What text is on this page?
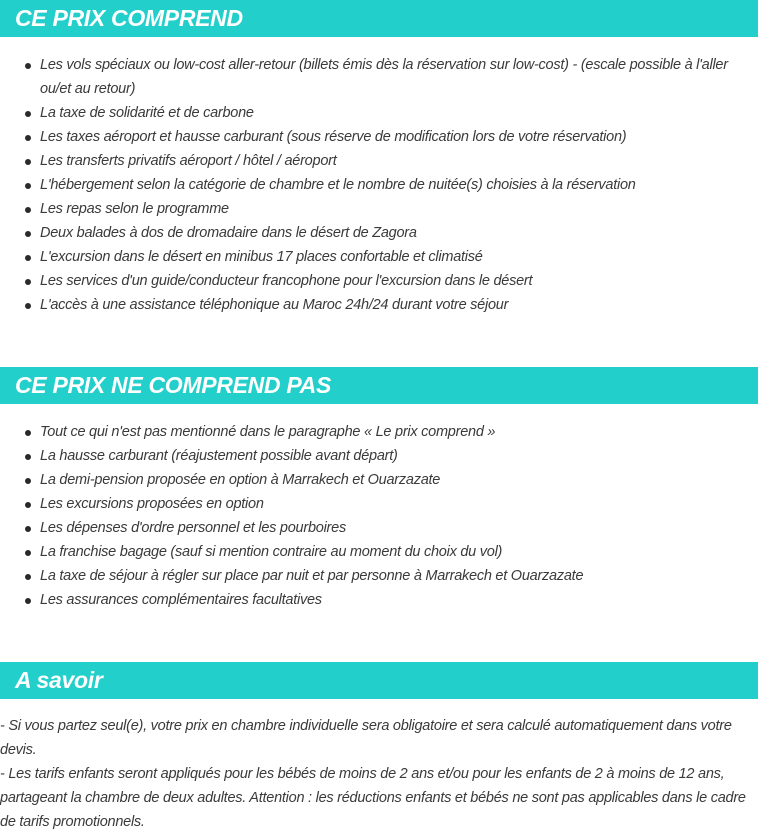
CE PRIX COMPREND
Les vols spéciaux ou low-cost aller-retour (billets émis dès la réservation sur low-cost) - (escale possible à l'aller ou/et au retour)
La taxe de solidarité et de carbone
Les taxes aéroport et hausse carburant (sous réserve de modification lors de votre réservation)
Les transferts privatifs aéroport / hôtel / aéroport
L'hébergement selon la catégorie de chambre et le nombre de nuitée(s) choisies à la réservation
Les repas selon le programme
Deux balades à dos de dromadaire dans le désert de Zagora
L'excursion dans le désert en minibus 17 places confortable et climatisé
Les services d'un guide/conducteur francophone pour l'excursion dans le désert
L'accès à une assistance téléphonique au Maroc 24h/24 durant votre séjour
CE PRIX NE COMPREND PAS
Tout ce qui n'est pas mentionné dans le paragraphe « Le prix comprend »
La hausse carburant (réajustement possible avant départ)
La demi-pension proposée en option à Marrakech et Ouarzazate
Les excursions proposées en option
Les dépenses d'ordre personnel et les pourboires
La franchise bagage (sauf si mention contraire au moment du choix du vol)
La taxe de séjour à régler sur place par nuit et par personne à Marrakech et Ouarzazate
Les assurances complémentaires facultatives
A savoir

- Si vous partez seul(e), votre prix en chambre individuelle sera obligatoire et sera calculé automatiquement dans votre devis.

- Les tarifs enfants seront appliqués pour les bébés de moins de 2 ans et/ou pour les enfants de 2 à moins de 12 ans, partageant la chambre de deux adultes. Attention : les réductions enfants et bébés ne sont pas applicables dans le cadre de tarifs promotionnels.
